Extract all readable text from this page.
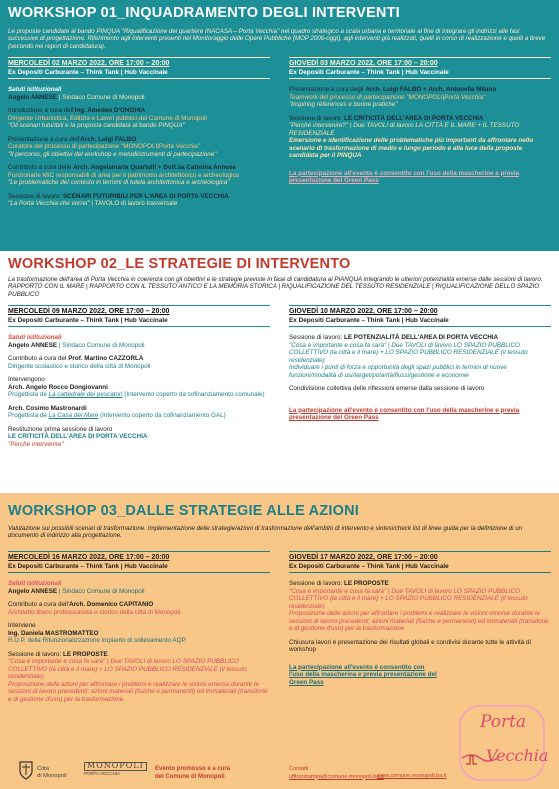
WORKSHOP 01_INQUADRAMENTO DEGLI INTERVENTI
Le proposte candidate al bando PINQUA "Riqualificazione del quartiere INACASA – Porta Vecchia" nel quadro strategico a scala urbana e territoriale al fine di integrare gli indirizzi alle fasi successive di progettazione. Riferimento agli interventi presenti nel Monitoraggio delle Opere Pubbliche (MOP 2006-oggi), agli interventi già realizzati, quelli in corso di realizzazione e quelli a breve (secondo nei report di candidatura).
MERCOLEDÌ 02 MARZO 2022, ORE 17:00 – 20:00
Ex Depositi Carburante – Think Tank | Hub Vaccinale
Saluti istituzionali
Angelo ANNESE | Sindaco Comune di Monopoli
Introduzione a cura dell'Ing. Amedeo D'ONGHIA
Dirigente Urbanistica, Edilizia e Lavori pubblici del Comune di Monopoli
"Gli scenari futuribili e la proposta candidata al bando PINQUA"
Presentazione a cura dell'Arch. Luigi FALBO
Curatore del processo di partecipazione "MONOPOLI|Porta Vecchia"
"Il percorso, gli obiettivi del workshop e metodi/strumenti di partecipazione"
Contributo a cura delle Arch. Angelamaria Quartulli + Dott.sa Caterina Annese
Funzionarie MIC responsabili di area per il patrimonio architettonico e archeologico
"Le problematiche del contesto in termini di tutela architettonica e archeologica"
Sessione di lavoro: SCENARI FUTURIBILI PER L'AREA DI PORTA VECCHIA
"La Porta Vecchia che vorrei" | TAVOLO di lavoro trasversale
GIOVEDÌ 03 MARZO 2022, ORE 17:00 – 20:00
Ex Depositi Carburante – Think Tank | Hub Vaccinale
Presentazione a cura degli Arch. Luigi FALBO + Arch. Antonella Milano
Teamwork del processo di partecipazione "MONOPOLI|Porta Vecchia"
"Inspiring references e buone pratiche"
Sessione di lavoro: LE CRITICITÀ DELL'AREA DI PORTA VECCHIA
"Perché intervenire?" | Due TAVOLI di lavoro LA CITTÀ E IL MARE + IL TESSUTO RESIDENZIALE
Emersione e identificazione delle problematiche più importanti da affrontare nello scenario di trasformazione di medio e lungo periodo e alla luce della proposte candidata per il PINQUA
La partecipazione all'evento è consentito con l'uso della mascherine e previa presentazione del Green Pass
WORKSHOP 02_LE STRATEGIE DI INTERVENTO
La trasformazione dell'area di Porta Vecchia in coerenza con gli obiettivi e le strategie previste in fase di candidatura al PIANQUA integrando le ulteriori potenzialità emerse dalle sessioni di lavoro. RAPPORTO CON IL MARE | RAPPORTO CON IL TESSUTO ANTICO E LA MEMORIA STORICA | RIQUALIFICAZIONE DEL TESSUTO RESIDENZIALE | RIQUALIFICAZIONE DELLO SPAZIO PUBBLICO
MERCOLEDÌ 09 MARZO 2022, ORE 17:00 – 20:00
Ex Depositi Carburante – Think Tank | Hub Vaccinale
Saluti istituzionali
Angelo ANNESE | Sindaco Comune di Monopoli
Contributo a cura del Prof. Martino CAZZORLA
Dirigente scolastico e storico della città di Monopoli
Intervengono
Arch. Angelo Rocco Dongiovanni
Progettista de La cattedrale dei pescatori (Intervento coperto da cofinanziamento comunale)
Arch. Cosimo Mastronardi
Progettista de La Casa del Mare (Intervento coperto da cofinanziamento GAL)
Restituzione prima sessione di lavoro
LE CRITICITÀ DELL'AREA DI PORTA VECCHIA
"Perché intervenire"
GIOVEDÌ 10 MARZO 2022, ORE 17:00 – 20:00
Ex Depositi Carburante – Think Tank | Hub Vaccinale
Sessione di lavoro: LE POTENZIALITÀ DELL'AREA DI PORTA VECCHIA
"Cosa è importante e cosa fa sarà" | Due TAVOLI di lavoro LO SPAZIO PUBBLICO COLLETTIVO (la città e il mare) + LO SPAZIO PUBBLICO RESIDENZIALE (il tessuto residenziale)
Individuare i punti di forza e opportunità degli spazi pubblici in termini di nuove funzioni/modalità di usi/target/polarità/flussi/gestione e economie
Condivisione collettiva delle riflessioni emerse dalla sessione di lavoro
La partecipazione all'evento è consentito con l'uso della mascherine e previa presentazione del Green Pass
WORKSHOP 03_DALLE STRATEGIE ALLE AZIONI
Valutazione sui possibili scenari di trasformazione. Implementazione delle strategie/azioni di trasformazione dell'ambito di intervento e sintesi/check list di linee guida per la definizione di un documento di indirizzo alla progettazione.
MERCOLEDÌ 16 MARZO 2022, ORE 17:00 – 20:00
Ex Depositi Carburante – Think Tank | Hub Vaccinale
Saluti istituzionali
Angelo ANNESE | Sindaco Comune di Monopoli
Contributo a cura dell'Arch. Domenico CAPITANIO
Architetto libero professionista e storico della città di Monopoli
Interviene
Ing. Daniela MASTROMATTEO
R.U.P. della Rifunzionalizzazione impianto di sollevamento AQP
Sessione di lavoro: LE PROPOSTE
"Cosa è importante e cosa fa sarà" | Due TAVOLI di lavoro LO SPAZIO PUBBLICO COLLETTIVO (la città e il mare) + LO SPAZIO PUBBLICO RESIDENZIALE (il tessuto residenziale)
Proposizione delle azioni per affrontare i problemi e realizzare le visioni emerse durante le sessioni di lavoro precedenti; azioni materiali (fisiche e permanenti) ed immateriali (transitorie e di gestione d'uso) per la trasformazione
GIOVEDÌ 17 MARZO 2022, ORE 17:00 – 20:00
Ex Depositi Carburante – Think Tank | Hub Vaccinale
Sessione di lavoro: LE PROPOSTE
"Cosa è importante e cosa fa sarà" | Due TAVOLI di lavoro LO SPAZIO PUBBLICO COLLETTIVO (la città e il mare) + LO SPAZIO PUBBLICO RESIDENZIALE (il tessuto residenziale)
Proposizione delle azioni per affrontare i problemi e realizzare le visioni emerse durante le sessioni di lavoro precedenti; azioni materiali (fisiche e permanenti) ed immateriali (transitorie e di gestione d'uso) per la trasformazione
Chiusura lavori e presentazione dei risultati globali e condivisi durante tutte le attività di workshop
La partecipazione all'evento è consentito con l'uso della mascherina e previa presentazione del Green Pass
Città
di Monopoli
MONOPOLI
PORTA VECCHIA
Evento promosso e a cura
del Comune di Monopoli
Contatti
ufficiostampa@comune.monopoli.ba.it
www.comune.monopoli.ba.it
Porta
Vecchia
